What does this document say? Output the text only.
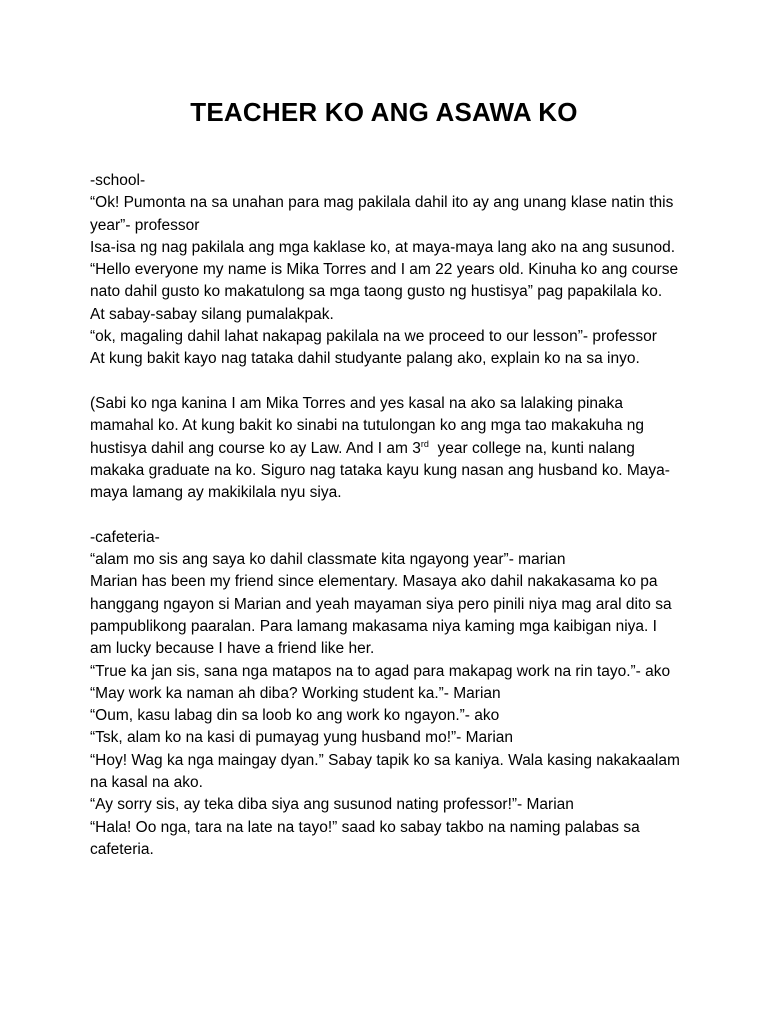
TEACHER KO ANG ASAWA KO

-school-

“Ok! Pumonta na sa unahan para mag pakilala dahil ito ay ang unang klase natin this year”- professor

Isa-isa ng nag pakilala ang mga kaklase ko, at maya-maya lang ako na ang susunod.

“Hello everyone my name is Mika Torres and I am 22 years old. Kinuha ko ang course nato dahil gusto ko makatulong sa mga taong gusto ng hustisya” pag papakilala ko. At sabay-sabay silang pumalakpak.

“ok, magaling dahil lahat nakapag pakilala na we proceed to our lesson”- professor

At kung bakit kayo nag tataka dahil studyante palang ako, explain ko na sa inyo.

(Sabi ko nga kanina I am Mika Torres and yes kasal na ako sa lalaking pinaka mamahal ko. At kung bakit ko sinabi na tutulongan ko ang mga tao makakuha ng hustisya dahil ang course ko ay Law. And I am 3rd  year college na, kunti nalang makaka graduate na ko. Siguro nag tataka kayu kung nasan ang husband ko. Maya-maya lamang ay makikilala nyu siya.

-cafeteria-

“alam mo sis ang saya ko dahil classmate kita ngayong year”- marian

Marian has been my friend since elementary. Masaya ako dahil nakakasama ko pa hanggang ngayon si Marian and yeah mayaman siya pero pinili niya mag aral dito sa pampublikong paaralan. Para lamang makasama niya kaming mga kaibigan niya. I am lucky because I have a friend like her.

“True ka jan sis, sana nga matapos na to agad para makapag work na rin tayo.”- ako

“May work ka naman ah diba? Working student ka.”- Marian

“Oum, kasu labag din sa loob ko ang work ko ngayon.”- ako

“Tsk, alam ko na kasi di pumayag yung husband mo!”- Marian

“Hoy! Wag ka nga maingay dyan.” Sabay tapik ko sa kaniya. Wala kasing nakakaalam na kasal na ako.

“Ay sorry sis, ay teka diba siya ang susunod nating professor!”- Marian

“Hala! Oo nga, tara na late na tayo!” saad ko sabay takbo na naming palabas sa cafeteria.
